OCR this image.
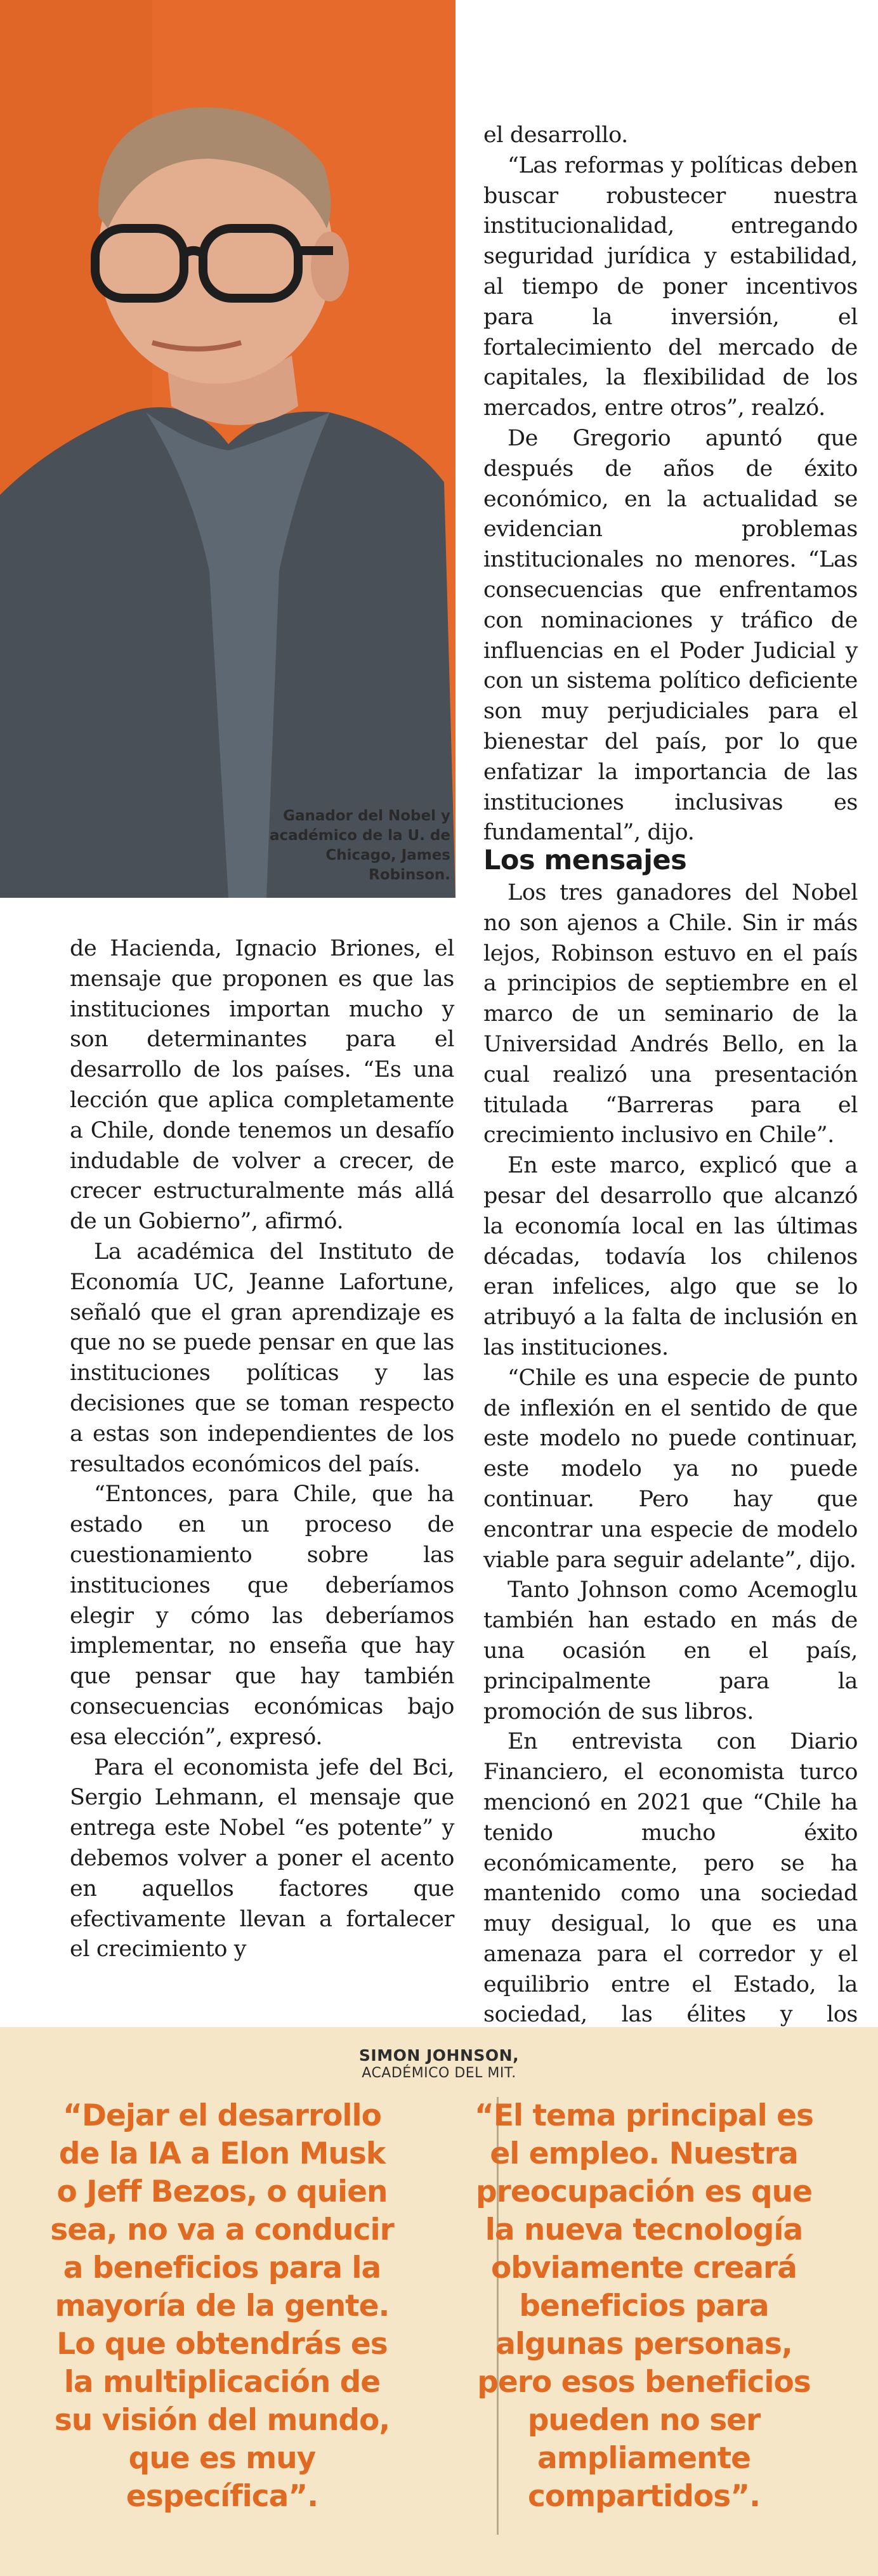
Ganador del Nobel y académico de la U. de Chicago, James Robinson.

el desarrollo.

“Las reformas y políticas deben buscar robustecer nuestra institucionalidad, entregando seguridad jurídica y estabilidad, al tiempo de poner incentivos para la inversión, el fortalecimiento del mercado de capitales, la flexibilidad de los mercados, entre otros”, realzó.

De Gregorio apuntó que después de años de éxito económico, en la actualidad se evidencian problemas institucionales no menores. “Las consecuencias que enfrentamos con nominaciones y tráfico de influencias en el Poder Judicial y con un sistema político deficiente son muy perjudiciales para el bienestar del país, por lo que enfatizar la importancia de las instituciones inclusivas es fundamental”, dijo.

de Hacienda, Ignacio Briones, el mensaje que proponen es que las instituciones importan mucho y son determinantes para el desarrollo de los países. “Es una lección que aplica completamente a Chile, donde tenemos un desafío indudable de volver a crecer, de crecer estructuralmente más allá de un Gobierno”, afirmó.

La académica del Instituto de Economía UC, Jeanne Lafortune, señaló que el gran aprendizaje es que no se puede pensar en que las instituciones políticas y las decisiones que se toman respecto a estas son independientes de los resultados económicos del país.

“Entonces, para Chile, que ha estado en un proceso de cuestionamiento sobre las instituciones que deberíamos elegir y cómo las deberíamos implementar, no enseña que hay que pensar que hay también consecuencias económicas bajo esa elección”, expresó.

Para el economista jefe del Bci, Sergio Lehmann, el mensaje que entrega este Nobel “es potente” y debemos volver a poner el acento en aquellos factores que efectivamente llevan a fortalecer el crecimiento y

Los mensajes

Los tres ganadores del Nobel no son ajenos a Chile. Sin ir más lejos, Robinson estuvo en el país a principios de septiembre en el marco de un seminario de la Universidad Andrés Bello, en la cual realizó una presentación titulada “Barreras para el crecimiento inclusivo en Chile”.

En este marco, explicó que a pesar del desarrollo que alcanzó la economía local en las últimas décadas, todavía los chilenos eran infelices, algo que se lo atribuyó a la falta de inclusión en las instituciones.

“Chile es una especie de punto de inflexión en el sentido de que este modelo no puede continuar, este modelo ya no puede continuar. Pero hay que encontrar una especie de modelo viable para seguir adelante”, dijo.

Tanto Johnson como Acemoglu también han estado en más de una ocasión en el país, principalmente para la promoción de sus libros.

En entrevista con Diario Financiero, el economista turco mencionó en 2021 que “Chile ha tenido mucho éxito económicamente, pero se ha mantenido como una sociedad muy desigual, lo que es una amenaza para el corredor y el equilibrio entre el Estado, la sociedad, las élites y los

SIMON JOHNSON,
ACADÉMICO DEL MIT.
“Dejar el desarrollo de la IA a Elon Musk o Jeff Bezos, o quien sea, no va a conducir a beneficios para la mayoría de la gente. Lo que obtendrás es la multiplicación de su visión del mundo, que es muy específica”.
“El tema principal es el empleo. Nuestra preocupación es que la nueva tecnología obviamente creará beneficios para algunas personas, pero esos beneficios pueden no ser ampliamente compartidos”.
